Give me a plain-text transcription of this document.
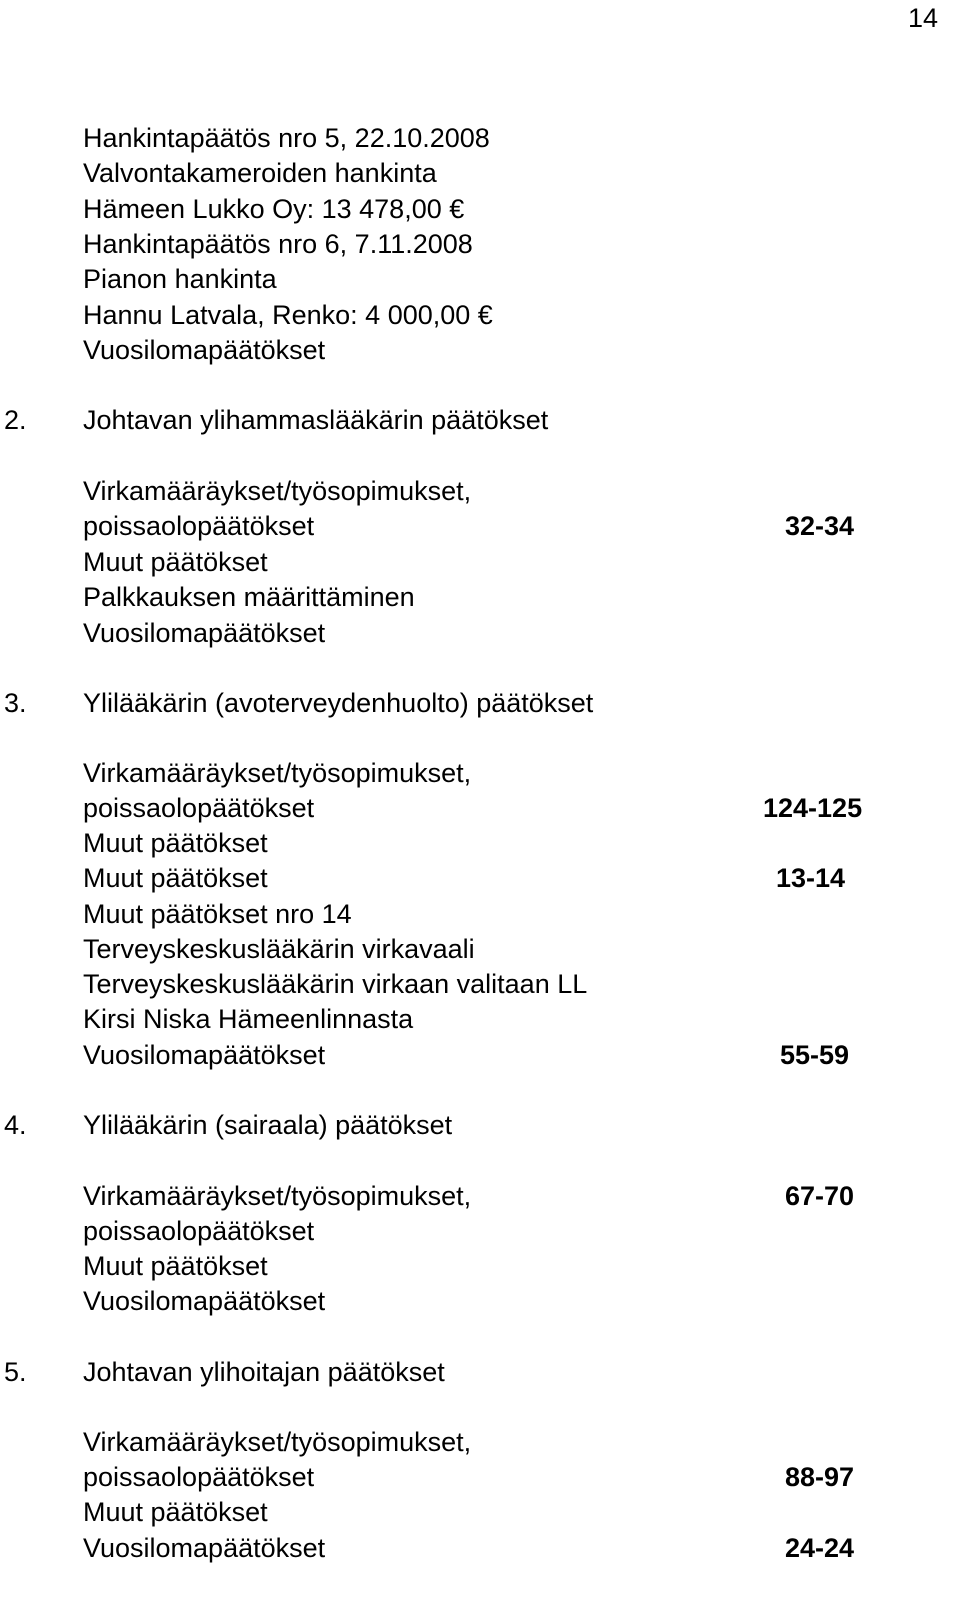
14
Hankintapäätös nro 5, 22.10.2008
Valvontakameroiden hankinta
Hämeen Lukko Oy: 13 478,00 €
Hankintapäätös nro 6, 7.11.2008
Pianon hankinta
Hannu Latvala, Renko: 4 000,00 €
Vuosilomapäätökset
2. Johtavan ylihammaslääkärin päätökset
Virkamääräykset/työsopimukset,
poissaolopäätökset	32-34
Muut päätökset
Palkkauksen määrittäminen
Vuosilomapäätökset
3. Ylilääkärin (avoterveydenhuolto) päätökset
Virkamääräykset/työsopimukset,
poissaolopäätökset	124-125
Muut päätökset
Muut päätökset	13-14
Muut päätökset nro 14
Terveyskeskuslääkärin virkavaali
Terveyskeskuslääkärin virkaan valitaan LL
Kirsi Niska Hämeenlinnasta
Vuosilomapäätökset	55-59
4. Ylilääkärin (sairaala) päätökset
Virkamääräykset/työsopimukset,	67-70
poissaolopäätökset
Muut päätökset
Vuosilomapäätökset
5. Johtavan ylihoitajan päätökset
Virkamääräykset/työsopimukset,
poissaolopäätökset	88-97
Muut päätökset
Vuosilomapäätökset	24-24
